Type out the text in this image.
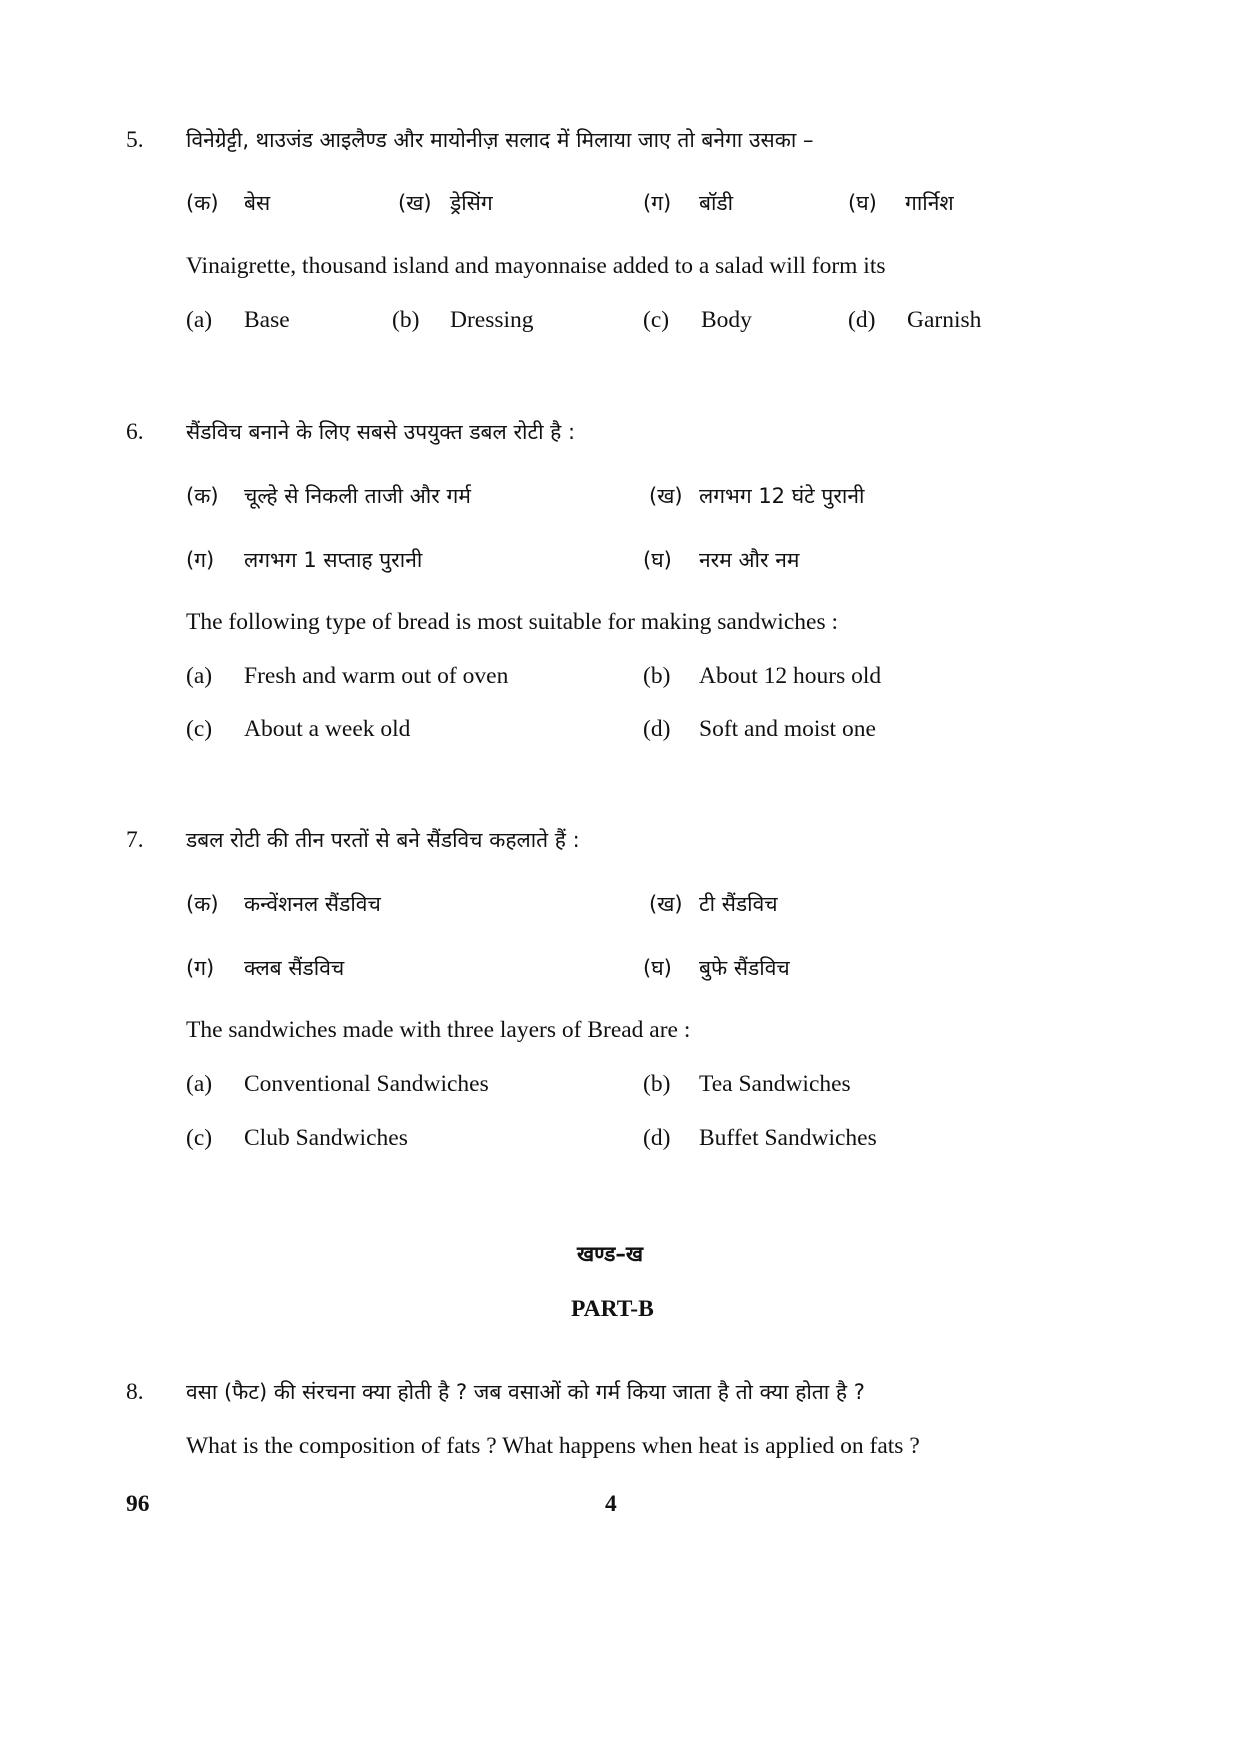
5. विनेग्रेट्टी, थाउजंड आइलैण्ड और मायोनीज़ सलाद में मिलाया जाए तो बनेगा उसका –
(क) बेस	(ख) ड्रेसिंग	(ग) बॉडी	(घ) गार्निश
Vinaigrette, thousand island and mayonnaise added to a salad will form its
(a) Base	(b) Dressing	(c) Body	(d) Garnish
6. सैंडविच बनाने के लिए सबसे उपयुक्त डबल रोटी है :
(क) चूल्हे से निकली ताजी और गर्म	(ख) लगभग 12 घंटे पुरानी
(ग) लगभग 1 सप्ताह पुरानी	(घ) नरम और नम
The following type of bread is most suitable for making sandwiches :
(a) Fresh and warm out of oven	(b) About 12 hours old
(c) About a week old	(d) Soft and moist one
7. डबल रोटी की तीन परतों से बने सैंडविच कहलाते हैं :
(क) कन्वेंशनल सैंडविच	(ख) टी सैंडविच
(ग) क्लब सैंडविच	(घ) बुफे सैंडविच
The sandwiches made with three layers of Bread are :
(a) Conventional Sandwiches	(b) Tea Sandwiches
(c) Club Sandwiches	(d) Buffet Sandwiches
खण्ड–ख
PART-B
8. वसा (फैट) की संरचना क्या होती है ? जब वसाओं को गर्म किया जाता है तो क्या होता है ?
What is the composition of fats ? What happens when heat is applied on fats ?
96	4
